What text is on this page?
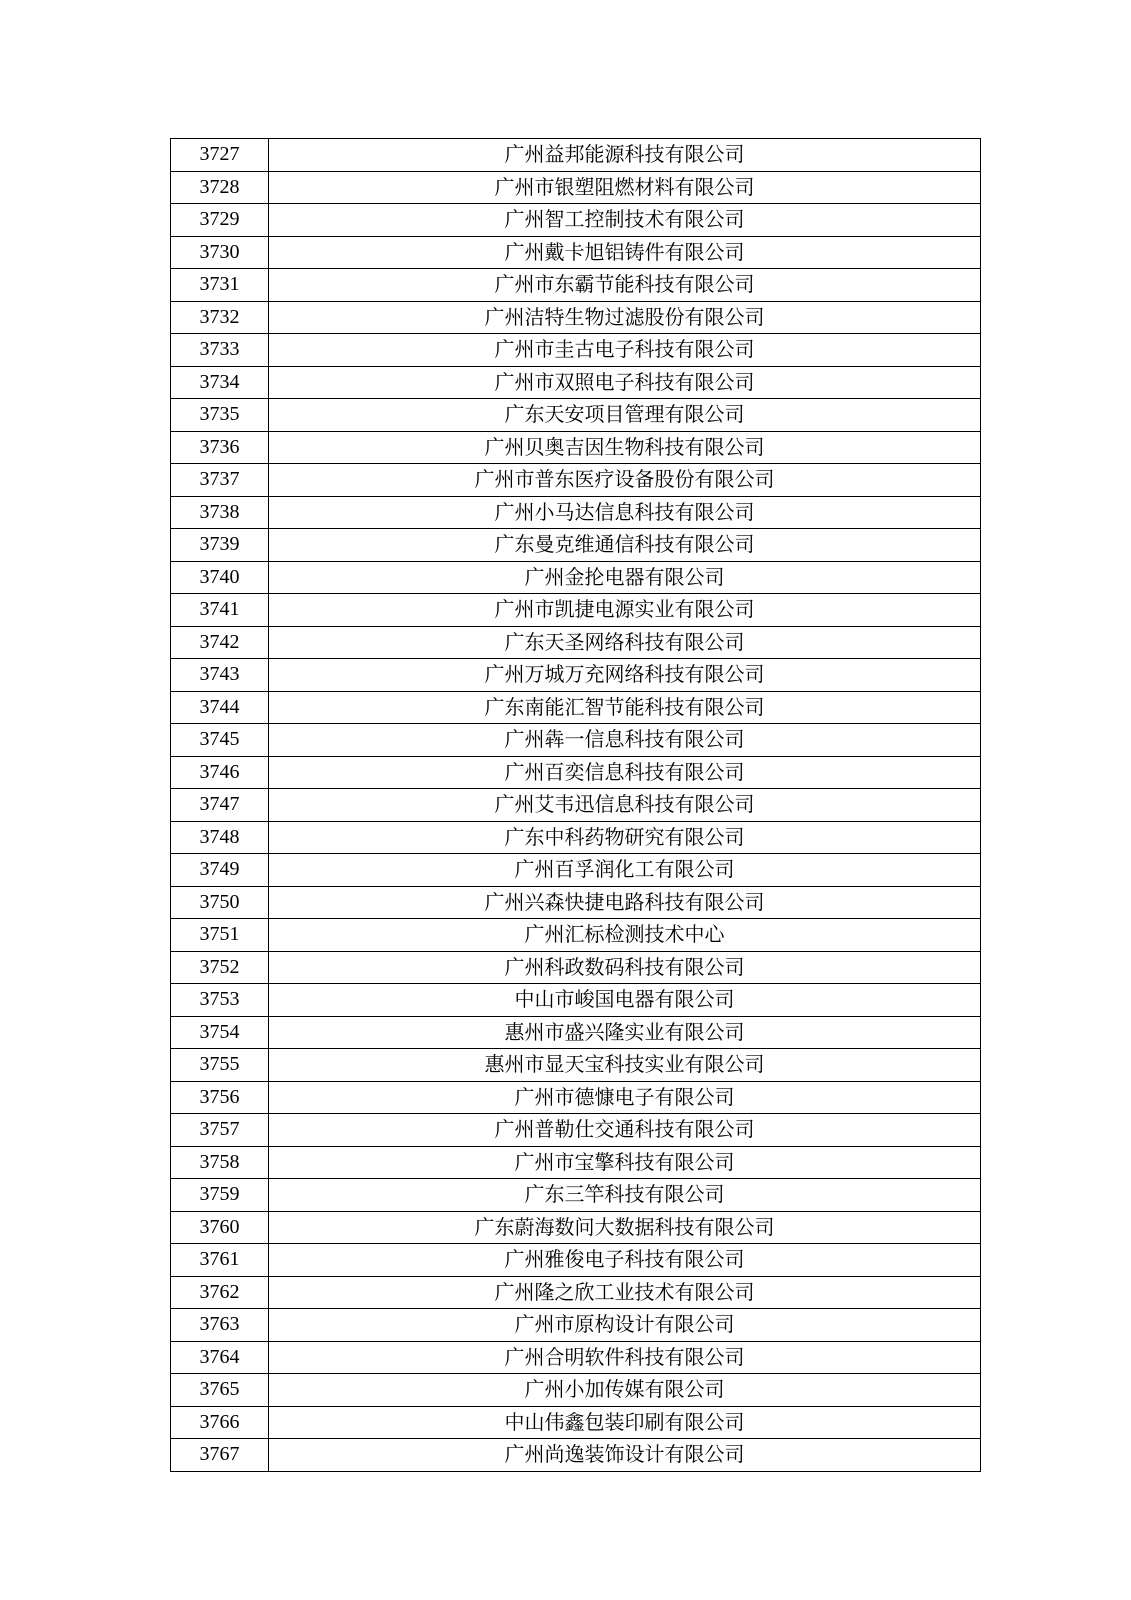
3727	广州益邦能源科技有限公司
3728	广州市银塑阻燃材料有限公司
3729	广州智工控制技术有限公司
3730	广州戴卡旭铝铸件有限公司
3731	广州市东霸节能科技有限公司
3732	广州洁特生物过滤股份有限公司
3733	广州市圭古电子科技有限公司
3734	广州市双照电子科技有限公司
3735	广东天安项目管理有限公司
3736	广州贝奥吉因生物科技有限公司
3737	广州市普东医疗设备股份有限公司
3738	广州小马达信息科技有限公司
3739	广东曼克维通信科技有限公司
3740	广州金抡电器有限公司
3741	广州市凯捷电源实业有限公司
3742	广东天圣网络科技有限公司
3743	广州万城万充网络科技有限公司
3744	广东南能汇智节能科技有限公司
3745	广州犇一信息科技有限公司
3746	广州百奕信息科技有限公司
3747	广州艾韦迅信息科技有限公司
3748	广东中科药物研究有限公司
3749	广州百孚润化工有限公司
3750	广州兴森快捷电路科技有限公司
3751	广州汇标检测技术中心
3752	广州科政数码科技有限公司
3753	中山市峻国电器有限公司
3754	惠州市盛兴隆实业有限公司
3755	惠州市显天宝科技实业有限公司
3756	广州市德慷电子有限公司
3757	广州普勒仕交通科技有限公司
3758	广州市宝擎科技有限公司
3759	广东三竿科技有限公司
3760	广东蔚海数问大数据科技有限公司
3761	广州雅俊电子科技有限公司
3762	广州隆之欣工业技术有限公司
3763	广州市原构设计有限公司
3764	广州合明软件科技有限公司
3765	广州小加传媒有限公司
3766	中山伟鑫包装印刷有限公司
3767	广州尚逸装饰设计有限公司
